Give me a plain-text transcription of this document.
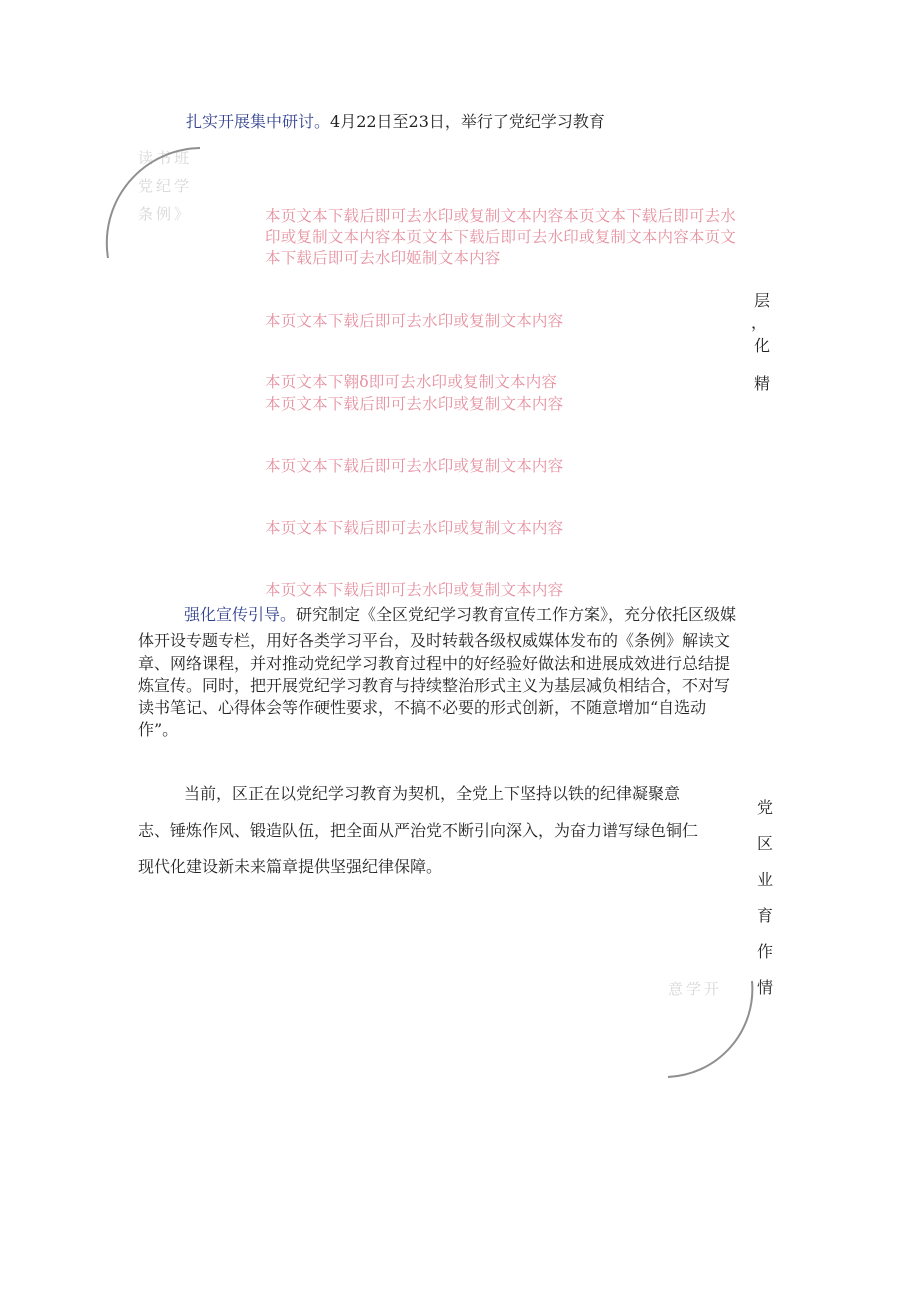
扎实开展集中研讨。4月22日至23日，举行了党纪学习教育
读书班
党纪学
条例》	本页文本下载后即可去水印或复制文本内容本页文本下载后即可去水
印或复制文本内容本页文本下载后即可去水印或复制文本内容本页文
本下载后即可去水印姬制文本内容
本页文本下载后即可去水印或复制文本内容
本页文本下翱δ即可去水印或复制文本内容
本页文本下载后即可去水印或复制文本内容
本页文本下载后即可去水印或复制文本内容
本页文本下载后即可去水印或复制文本内容
本页文本下载后即可去水印或复制文本内容
层
，
化
精
强化宣传引导。研究制定《全区党纪学习教育宣传工作方案》，充分依托区级媒
体开设专题专栏，用好各类学习平台，及时转载各级权威媒体发布的《条例》解读文
章、网络课程，并对推动党纪学习教育过程中的好经验好做法和进展成效进行总结提
炼宣传。同时，把开展党纪学习教育与持续整治形式主义为基层减负相结合，不对写
读书笔记、心得体会等作硬性要求，不搞不必要的形式创新，不随意增加“自选动
作”。
当前，区正在以党纪学习教育为契机，全党上下坚持以铁的纪律凝聚意
志、锤炼作风、锻造队伍，把全面从严治党不断引向深入，为奋力谱写绿色铜仁
现代化建设新未来篇章提供坚强纪律保障。
党
区
业
育
作
情
意学开
